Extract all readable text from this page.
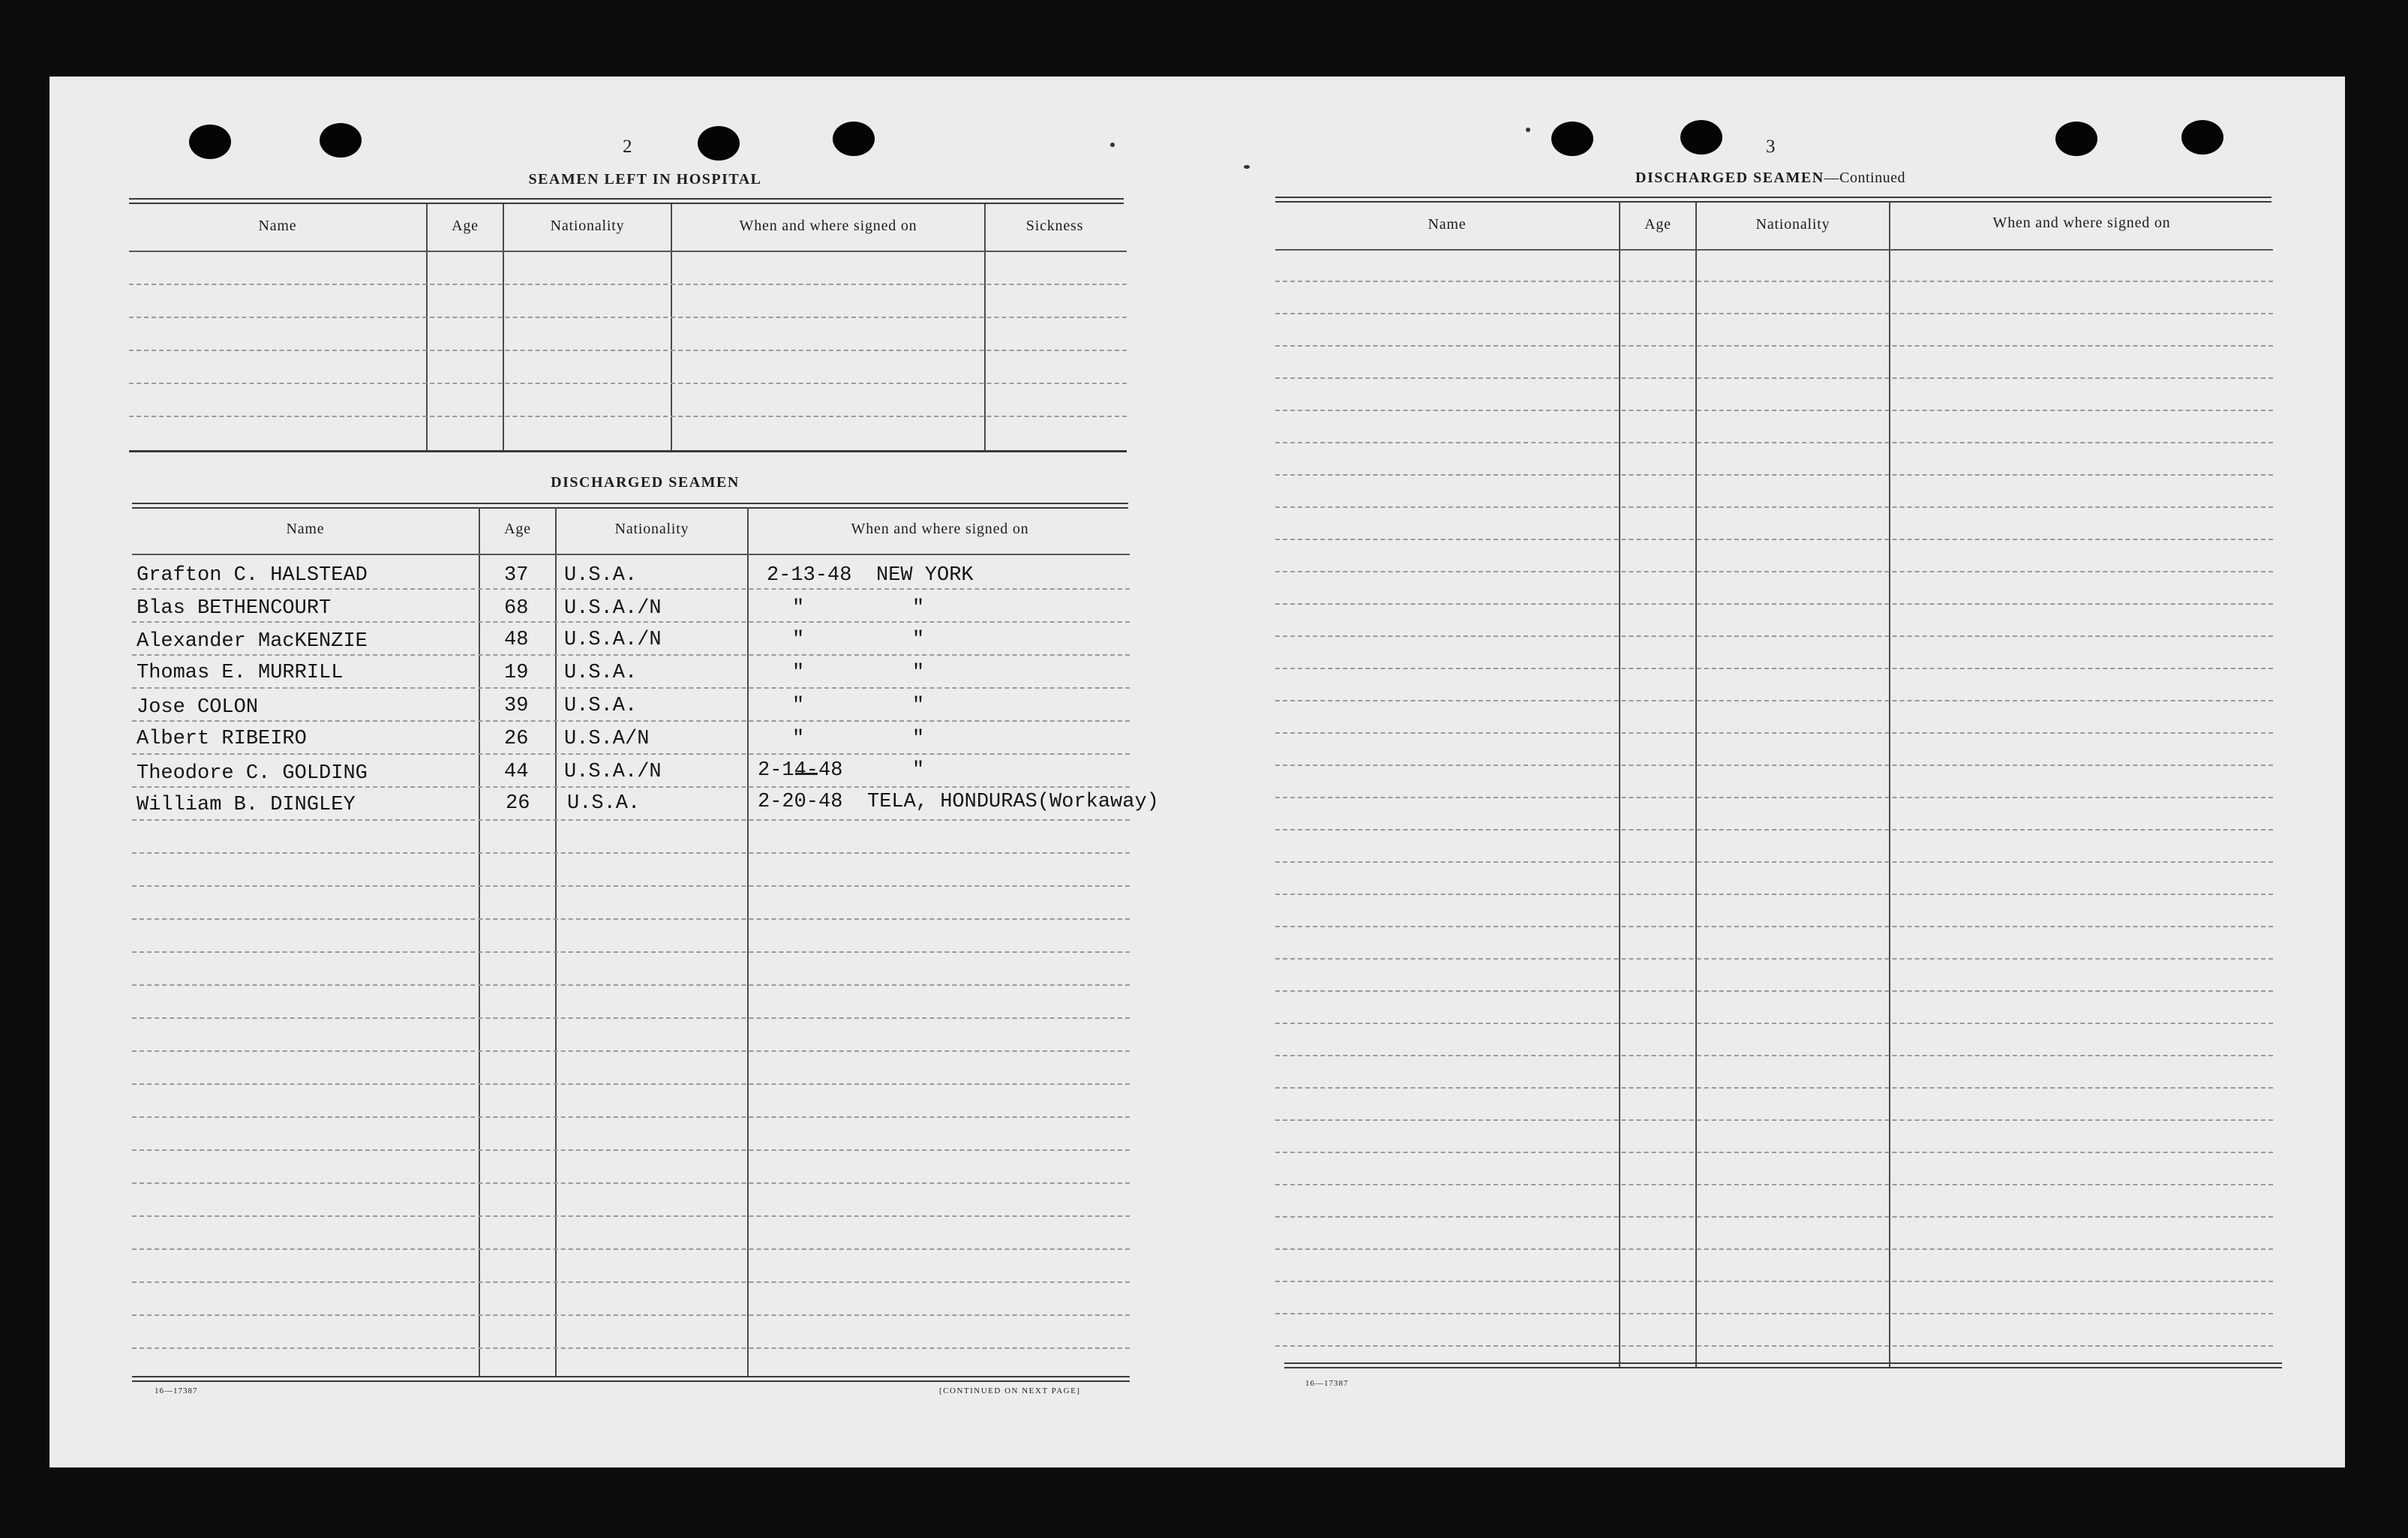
2
SEAMEN LEFT IN HOSPITAL
Name	Age	Nationality	When and where signed on	Sickness
DISCHARGED SEAMEN
Name	Age	Nationality	When and where signed on
Grafton C. HALSTEAD	37 U.S.A.	2-13-48 NEW YORK
Blas BETHENCOURT	68 U.S.A./N	"	"
Alexander MacKENZIE	48 U.S.A./N	"	"
Thomas E. MURRILL	19 U.S.A.	"	"
Jose COLON	39 U.S.A.	"	"
Albert RIBEIRO	26 U.S.A/N	"	"
Theodore C. GOLDING	44 U.S.A./N	2-14-48	"
William B. DINGLEY	26 U.S.A.	2-20-48 TELA, HONDURAS(Workaway)
16—17387	[CONTINUED ON NEXT PAGE]
3
DISCHARGED SEAMEN—Continued
Name	Age	Nationality	When and where signed on
16—17387
